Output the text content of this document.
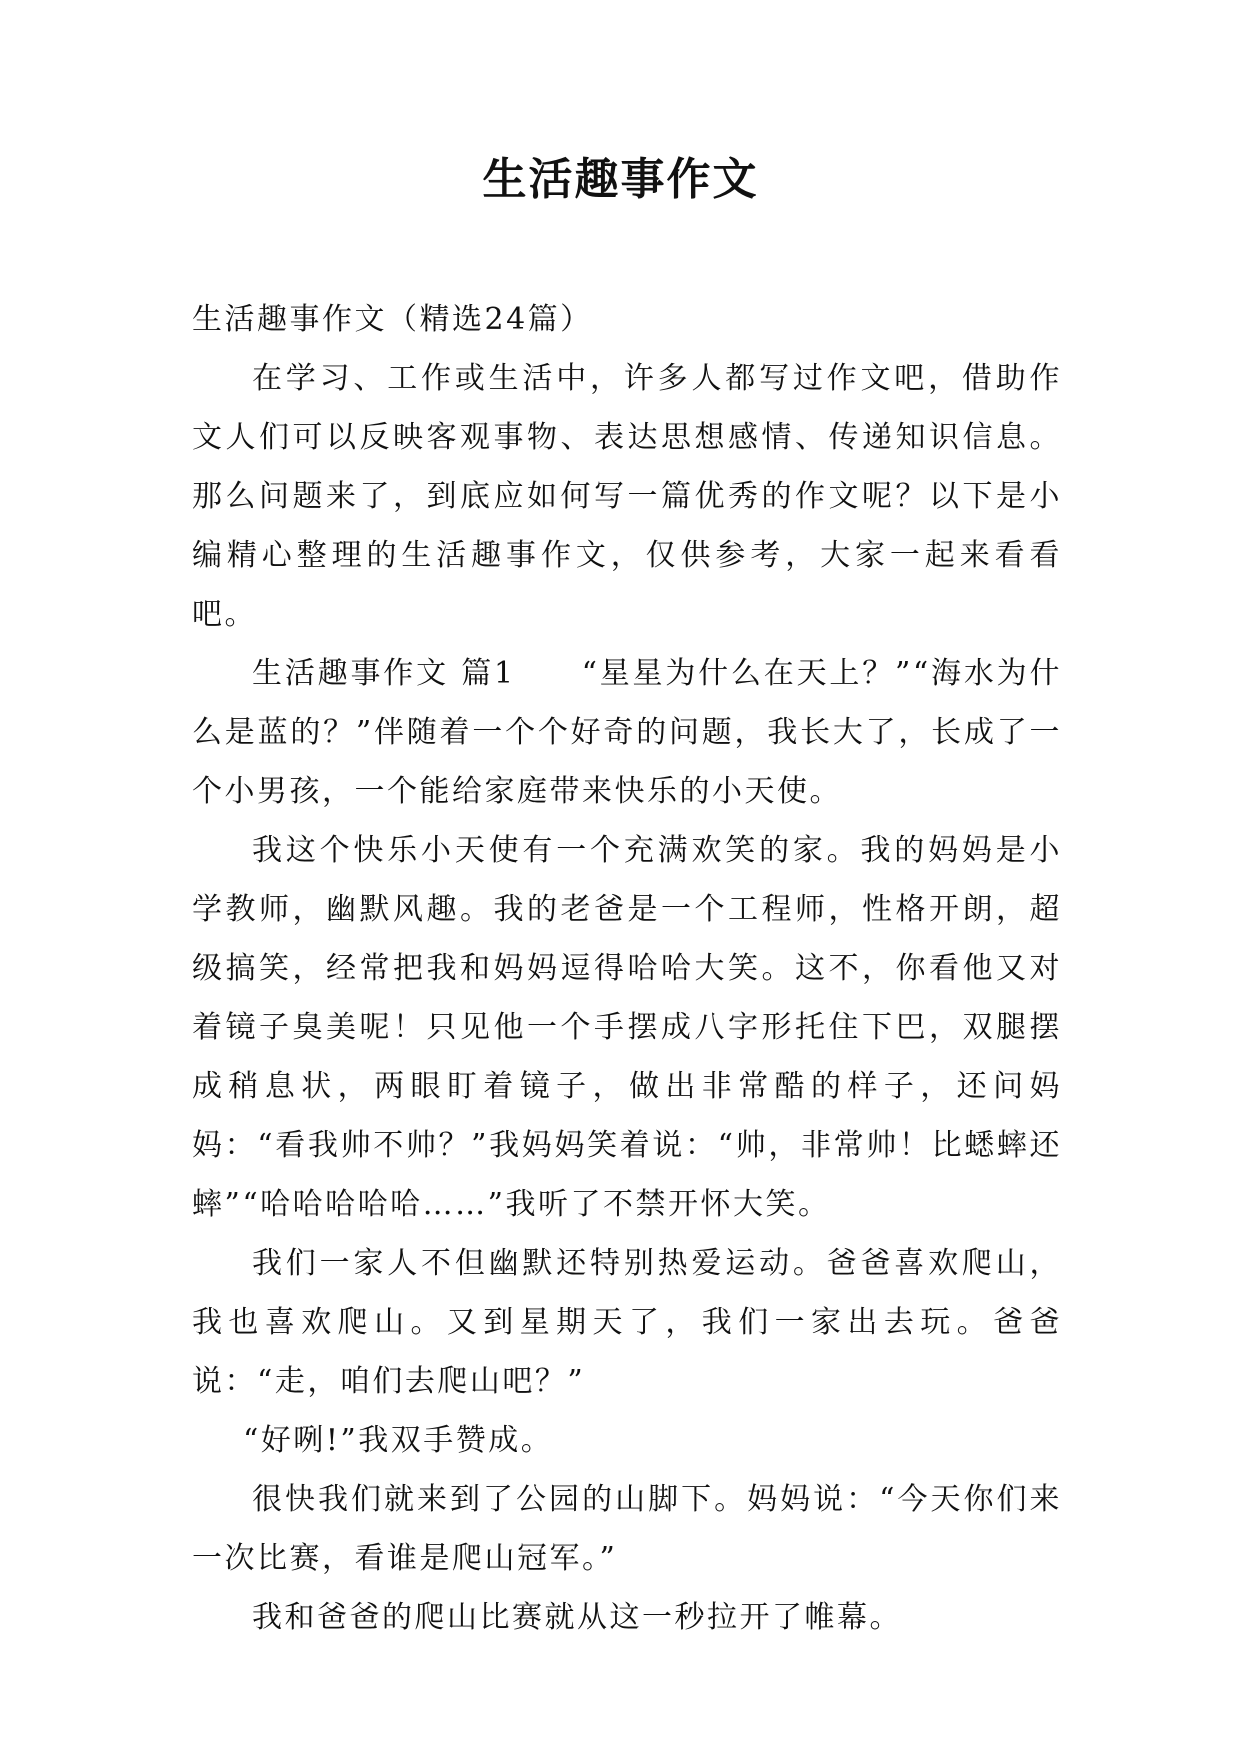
生活趣事作文

生活趣事作文（精选24篇）

在学习、工作或生活中，许多人都写过作文吧，借助作文人们可以反映客观事物、表达思想感情、传递知识信息。那么问题来了，到底应如何写一篇优秀的作文呢？以下是小编精心整理的生活趣事作文，仅供参考，大家一起来看看吧。

生活趣事作文 篇1　　“星星为什么在天上？”“海水为什么是蓝的？”伴随着一个个好奇的问题，我长大了，长成了一个小男孩，一个能给家庭带来快乐的小天使。

我这个快乐小天使有一个充满欢笑的家。我的妈妈是小学教师，幽默风趣。我的老爸是一个工程师，性格开朗，超级搞笑，经常把我和妈妈逗得哈哈大笑。这不，你看他又对着镜子臭美呢！只见他一个手摆成八字形托住下巴，双腿摆成稍息状，两眼盯着镜子，做出非常酷的样子，还问妈妈：“看我帅不帅？”我妈妈笑着说：“帅，非常帅！比蟋蟀还蟀”“哈哈哈哈哈……”我听了不禁开怀大笑。

我们一家人不但幽默还特别热爱运动。爸爸喜欢爬山，我也喜欢爬山。又到星期天了，我们一家出去玩。爸爸说：“走，咱们去爬山吧？”

“好咧!”我双手赞成。

很快我们就来到了公园的山脚下。妈妈说：“今天你们来一次比赛，看谁是爬山冠军。”

我和爸爸的爬山比赛就从这一秒拉开了帷幕。
